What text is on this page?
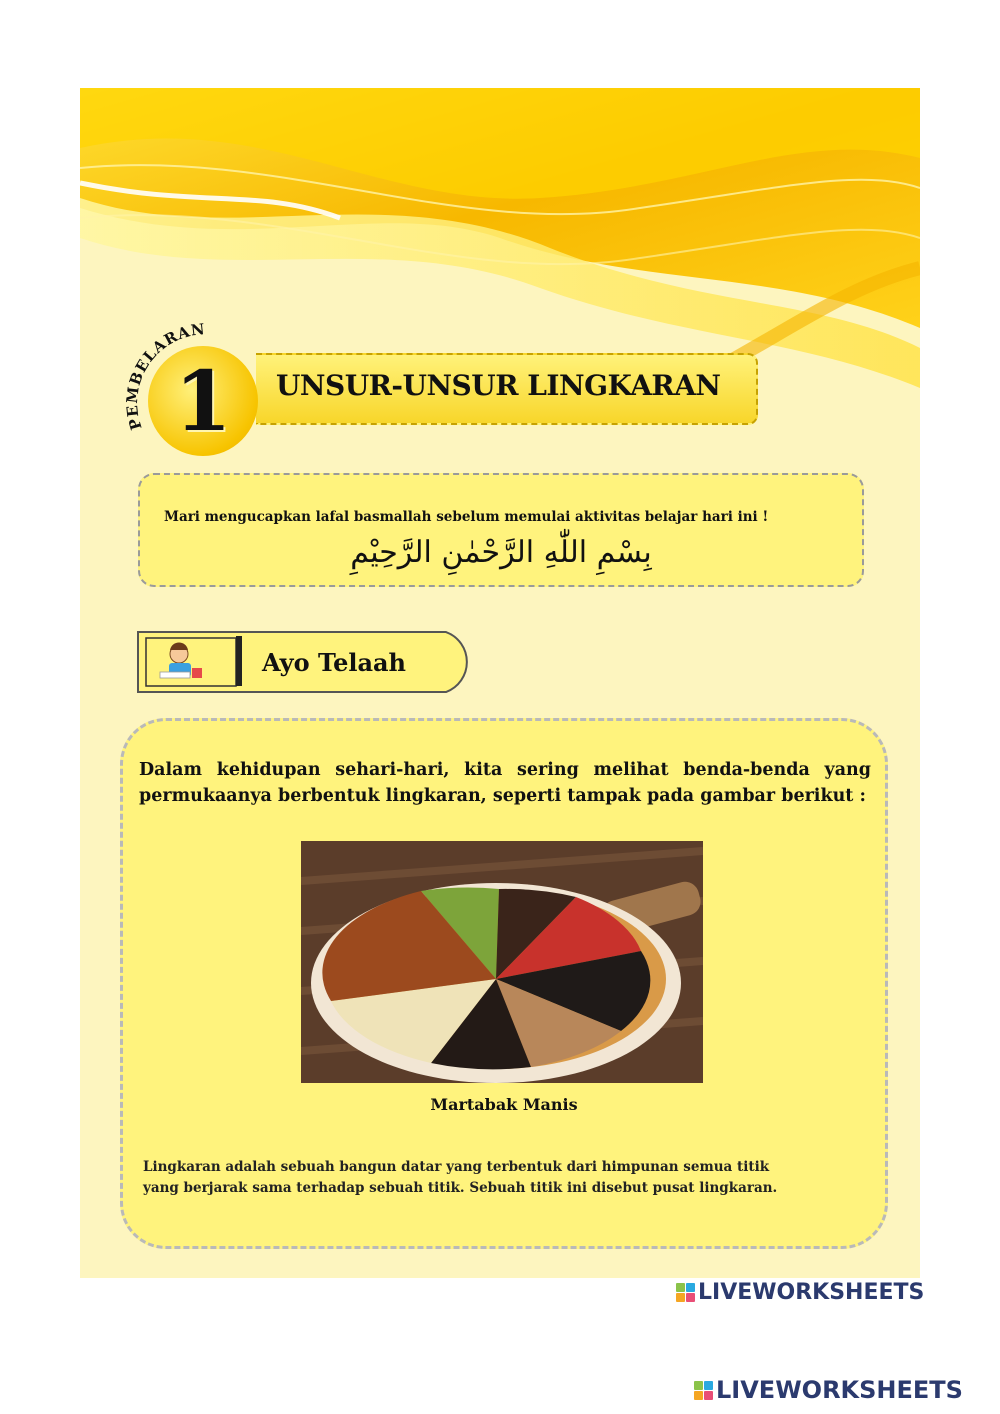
PEMBELARAN
UNSUR-UNSUR LINGKARAN
1
Mari mengucapkan lafal basmallah sebelum memulai aktivitas belajar hari ini !
بِسْمِ اللّٰهِ الرَّحْمٰنِ الرَّحِيْمِ
Ayo Telaah
Dalam kehidupan sehari-hari, kita sering melihat benda-benda yang permukaanya berbentuk lingkaran, seperti tampak pada gambar berikut :
Martabak Manis
Lingkaran adalah sebuah bangun datar yang terbentuk dari himpunan semua titik
yang berjarak sama terhadap sebuah titik. Sebuah titik ini disebut pusat lingkaran.
LIVEWORKSHEETS
LIVEWORKSHEETS
